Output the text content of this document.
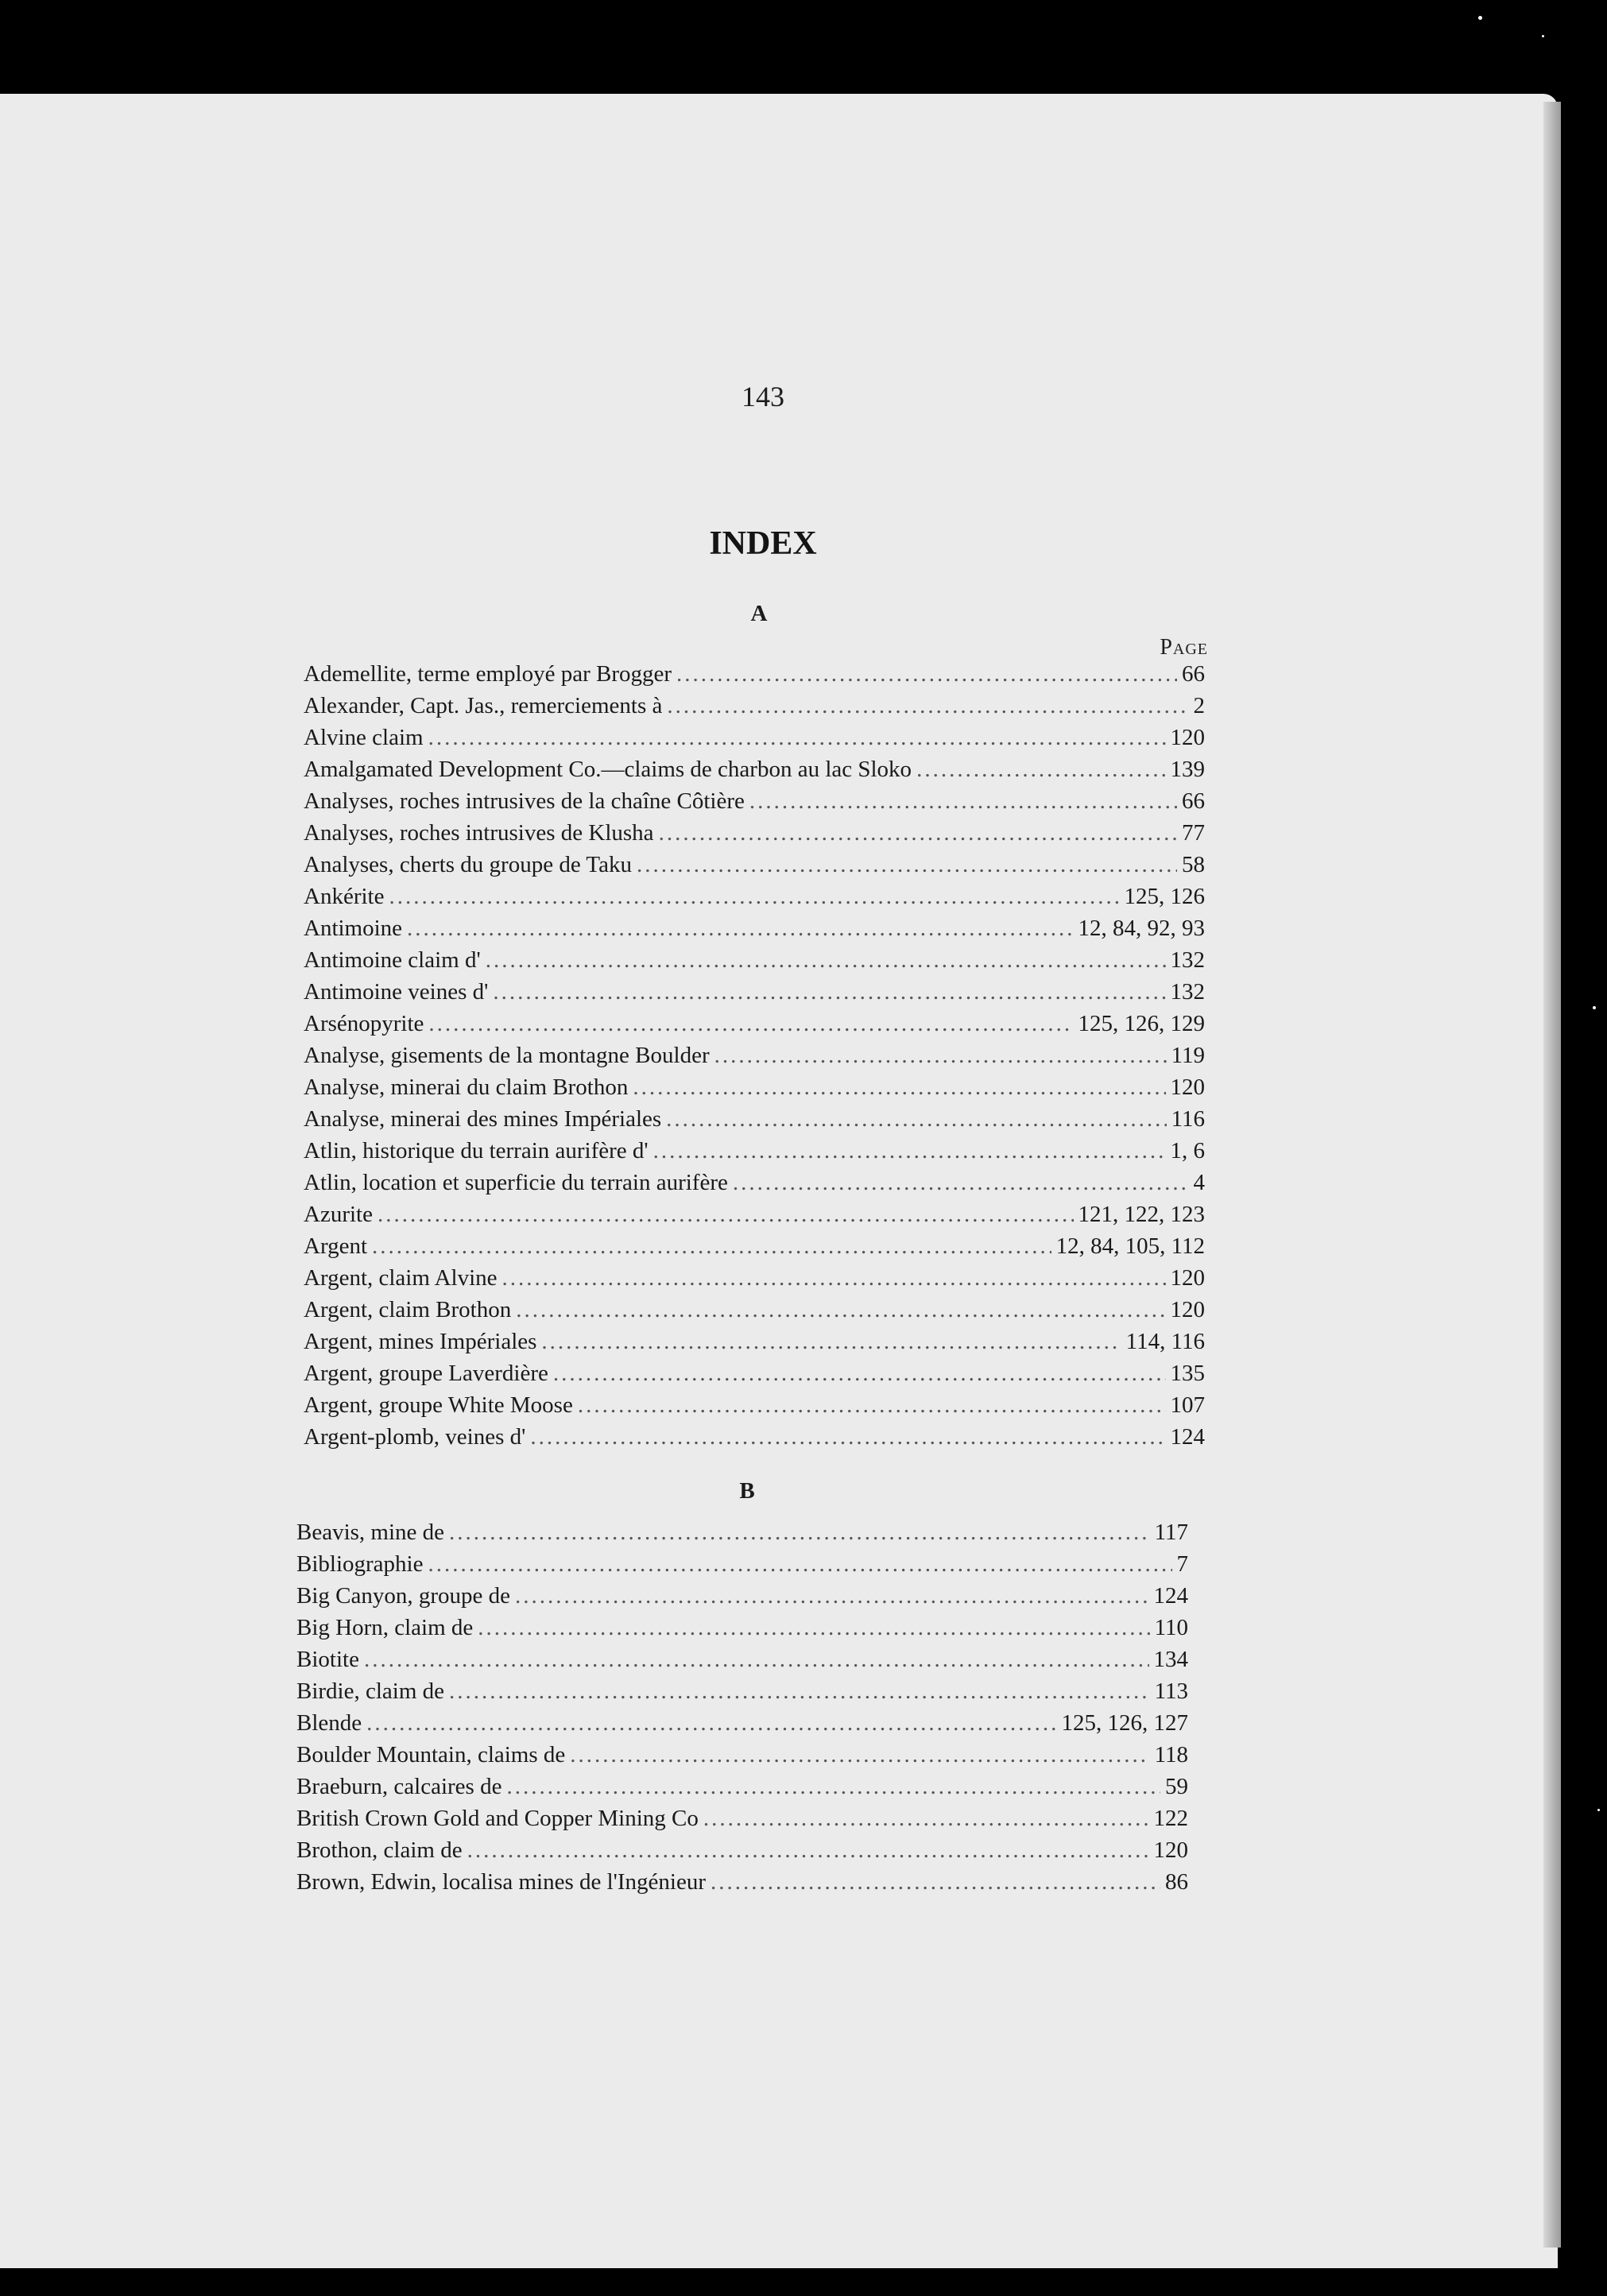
143
INDEX
A
Page
Ademellite, terme employé par Brogger .....	66
Alexander, Capt. Jas., remerciements à .....	2
Alvine claim .....	120
Amalgamated Development Co.—claims de charbon au lac Sloko .....	139
Analyses, roches intrusives de la chaîne Côtière .....	66
Analyses, roches intrusives de Klusha .....	77
Analyses, cherts du groupe de Taku .....	58
Ankérite .....	125, 126
Antimoine .....	12, 84, 92, 93
Antimoine claim d' .....	132
Antimoine veines d' .....	132
Arsénopyrite .....	125, 126, 129
Analyse, gisements de la montagne Boulder .....	119
Analyse, minerai du claim Brothon .....	120
Analyse, minerai des mines Impériales .....	116
Atlin, historique du terrain aurifère d' .....	1, 6
Atlin, location et superficie du terrain aurifère .....	4
Azurite .....	121, 122, 123
Argent .....	12, 84, 105, 112
Argent, claim Alvine .....	120
Argent, claim Brothon .....	120
Argent, mines Impériales .....	114, 116
Argent, groupe Laverdière .....	135
Argent, groupe White Moose .....	107
Argent-plomb, veines d' .....	124
B
Beavis, mine de .....	117
Bibliographie .....	7
Big Canyon, groupe de .....	124
Big Horn, claim de .....	110
Biotite .....	134
Birdie, claim de .....	113
Blende .....	125, 126, 127
Boulder Mountain, claims de .....	118
Braeburn, calcaires de .....	59
British Crown Gold and Copper Mining Co .....	122
Brothon, claim de .....	120
Brown, Edwin, localisa mines de l'Ingénieur .....	86
